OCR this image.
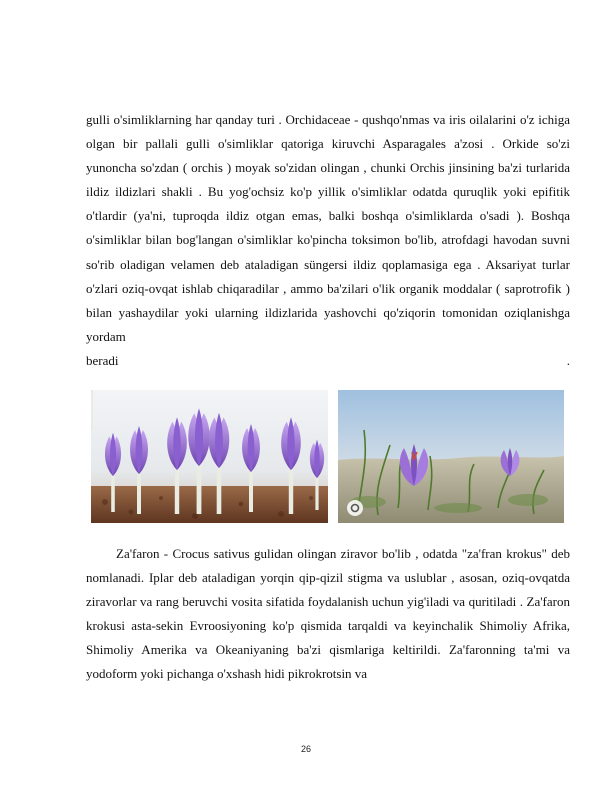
gulli o'simliklarning har qanday turi . Orchidaceae - qushqo'nmas va iris oilalarini o'z ichiga olgan bir pallali gulli o'simliklar qatoriga kiruvchi Asparagales a'zosi . Orkide so'zi yunoncha so'zdan ( orchis ) moyak so'zidan olingan , chunki Orchis jinsining ba'zi turlarida ildiz ildizlari shakli . Bu yog'ochsiz ko'p yillik o'simliklar odatda quruqlik yoki epifitik o'tlardir (ya'ni, tuproqda ildiz otgan emas, balki boshqa o'simliklarda o'sadi ). Boshqa o'simliklar bilan bog'langan o'simliklar ko'pincha toksimon bo'lib, atrofdagi havodan suvni so'rib oladigan velamen deb ataladigan süngersi ildiz qoplamasiga ega . Aksariyat turlar o'zlari oziq-ovqat ishlab chiqaradilar , ammo ba'zilari o'lik organik moddalar ( saprotrofik ) bilan yashaydilar yoki ularning ildizlarida yashovchi qo'ziqorin tomonidan oziqlanishga yordam

beradi	.

Za'faron - Crocus sativus gulidan olingan ziravor bo'lib , odatda "za'fran krokus" deb nomlanadi. Iplar deb ataladigan yorqin qip-qizil stigma va uslublar , asosan, oziq-ovqatda ziravorlar va rang beruvchi vosita sifatida foydalanish uchun yig'iladi va quritiladi . Za'faron krokusi asta-sekin Evroosiyoning ko'p qismida tarqaldi va keyinchalik Shimoliy Afrika, Shimoliy Amerika va Okeaniyaning ba'zi qismlariga keltirildi. Za'faronning ta'mi va yodoform yoki pichanga o'xshash hidi pikrokrotsin va

26
